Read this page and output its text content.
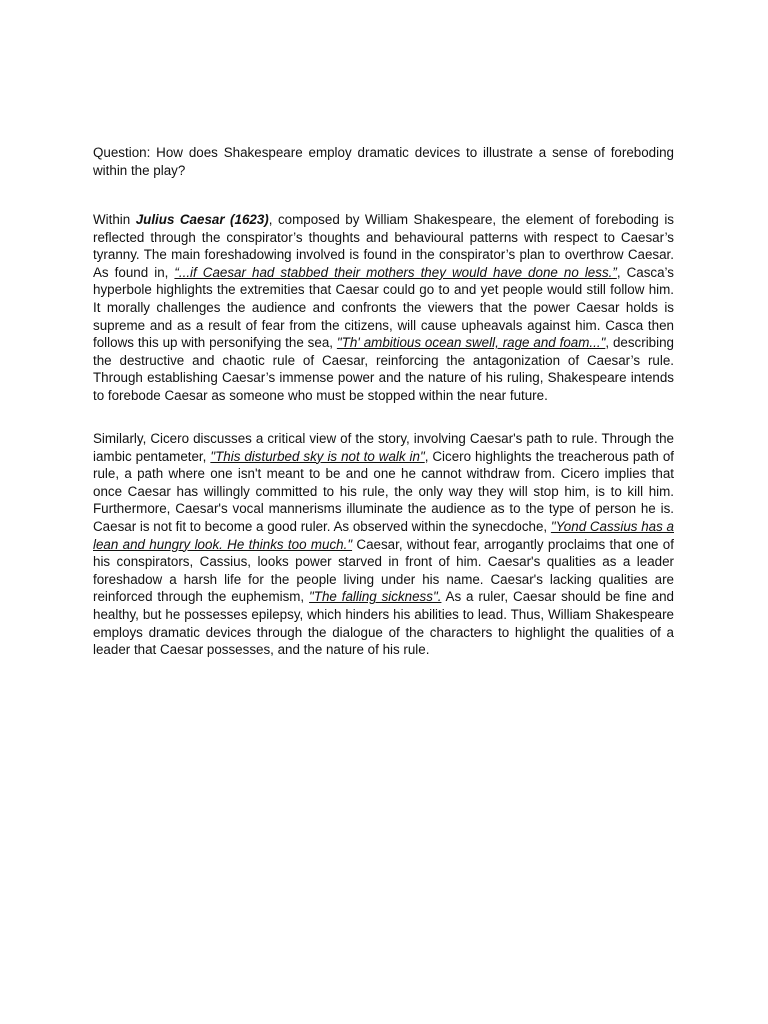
Question: How does Shakespeare employ dramatic devices to illustrate a sense of foreboding within the play?

Within Julius Caesar (1623), composed by William Shakespeare, the element of foreboding is reflected through the conspirator’s thoughts and behavioural patterns with respect to Caesar’s tyranny. The main foreshadowing involved is found in the conspirator’s plan to overthrow Caesar. As found in, “...if Caesar had stabbed their mothers they would have done no less.”, Casca’s hyperbole highlights the extremities that Caesar could go to and yet people would still follow him. It morally challenges the audience and confronts the viewers that the power Caesar holds is supreme and as a result of fear from the citizens, will cause upheavals against him. Casca then follows this up with personifying the sea, "Th' ambitious ocean swell, rage and foam...", describing the destructive and chaotic rule of Caesar, reinforcing the antagonization of Caesar’s rule. Through establishing Caesar’s immense power and the nature of his ruling, Shakespeare intends to forebode Caesar as someone who must be stopped within the near future.

Similarly, Cicero discusses a critical view of the story, involving Caesar's path to rule. Through the iambic pentameter, "This disturbed sky is not to walk in", Cicero highlights the treacherous path of rule, a path where one isn't meant to be and one he cannot withdraw from. Cicero implies that once Caesar has willingly committed to his rule, the only way they will stop him, is to kill him. Furthermore, Caesar's vocal mannerisms illuminate the audience as to the type of person he is. Caesar is not fit to become a good ruler. As observed within the synecdoche, "Yond Cassius has a lean and hungry look. He thinks too much." Caesar, without fear, arrogantly proclaims that one of his conspirators, Cassius, looks power starved in front of him. Caesar's qualities as a leader foreshadow a harsh life for the people living under his name. Caesar's lacking qualities are reinforced through the euphemism, "The falling sickness". As a ruler, Caesar should be fine and healthy, but he possesses epilepsy, which hinders his abilities to lead. Thus, William Shakespeare employs dramatic devices through the dialogue of the characters to highlight the qualities of a leader that Caesar possesses, and the nature of his rule.
